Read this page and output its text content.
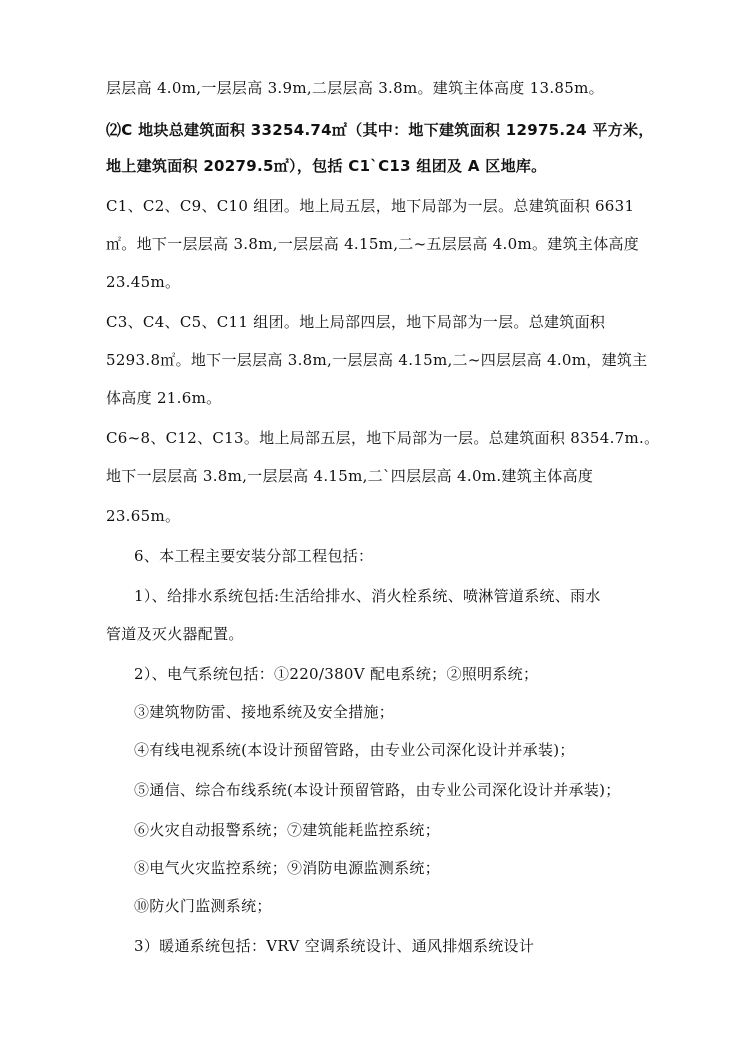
层层高 4.0m,一层层高 3.9m,二层层高 3.8m。建筑主体高度 13.85m。
⑵C 地块总建筑面积 33254.74㎡（其中：地下建筑面积 12975.24 平方米，
地上建筑面积 20279.5㎡），包括 C1`C13 组团及 A 区地库。
C1、C2、C9、C10 组团。地上局五层，地下局部为一层。总建筑面积 6631
㎡。地下一层层高 3.8m,一层层高 4.15m,二~五层层高 4.0m。建筑主体高度
23.45m。
C3、C4、C5、C11 组团。地上局部四层，地下局部为一层。总建筑面积
5293.8㎡。地下一层层高 3.8m,一层层高 4.15m,二~四层层高 4.0m，建筑主
体高度 21.6m。
C6~8、C12、C13。地上局部五层，地下局部为一层。总建筑面积 8354.7m.。
地下一层层高 3.8m,一层层高 4.15m,二`四层层高 4.0m.建筑主体高度
23.65m。
6、本工程主要安装分部工程包括：
1）、给排水系统包括:生活给排水、消火栓系统、喷淋管道系统、雨水
管道及灭火器配置。
2）、电气系统包括：①220/380V 配电系统；②照明系统；
③建筑物防雷、接地系统及安全措施；
④有线电视系统(本设计预留管路，由专业公司深化设计并承装)；
⑤通信、综合布线系统(本设计预留管路，由专业公司深化设计并承装)；
⑥火灾自动报警系统；⑦建筑能耗监控系统；
⑧电气火灾监控系统；⑨消防电源监测系统；
⑩防火门监测系统；
3）暖通系统包括：VRV 空调系统设计、通风排烟系统设计
